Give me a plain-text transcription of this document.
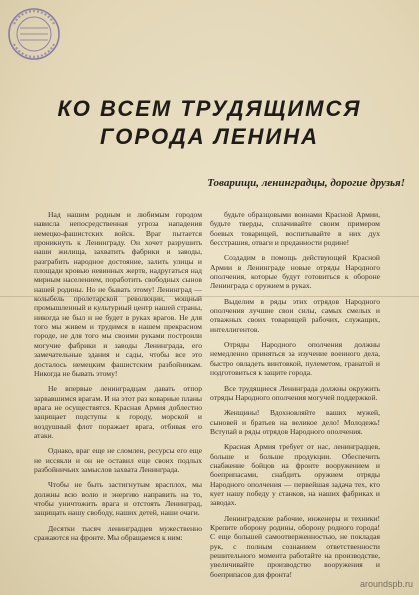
КО ВСЕМ ТРУДЯЩИМСЯ
ГОРОДА ЛЕНИНА
Товарищи, ленинградцы, дорогие друзья!

Над нашим родным и любимым городом нависла непосредственная угроза нападения немецко-фашистских войск. Враг пытается проникнуть к Ленинграду. Он хочет разрушить наши жилища, захватить фабрики и заводы, разграбить народное достояние, залить улицы и площади кровью невинных жертв, надругаться над мирным населением, поработить свободных сынов нашей родины. Но не бывать этому! Ленинград — колыбель пролетарской революции, мощный промышленный и культурный центр нашей страны, никогда не был и не будет в руках врагов. Не для того мы живем и трудимся в нашем прекрасном городе, не для того мы своими руками построили могучие фабрики и заводы Ленинграда, его замечательные здания и сады, чтобы все это досталось немецким фашистским разбойникам. Никогда не бывать этому!

Не впервые ленинградцам давать отпор зарвавшимся врагам. И на этот раз коварные планы врага не осуществятся. Красная Армия доблестно защищает подступы к городу, морской и воздушный флот поражает врага, отбивая его атаки.

Однако, враг еще не сломлен, ресурсы его еще не иссякли и он не оставил еще своих подлых разбойничьих замыслов захвата Ленинграда.

Чтобы не быть застигнутым врасплох, мы должны всю волю и энергию направить на то, чтобы уничтожить врага и отстоять Ленинград, защищать нашу свободу, наших детей, наши очаги.

Десятки тысяч ленинградцев мужественно сражаются на фронте. Мы обращаемся к ним:

будьте образцовыми воинами Красной Армии, будьте тверды, сплачивайте своим примером боевых товарищей, воспитывайте в них дух бесстрашия, отваги и преданности родине!

Создадим в помощь действующей Красной Армии в Ленинграде новые отряды Народного ополчения, которые будут готовиться к обороне Ленинграда с оружием в руках.

Выделим в ряды этих отрядов Народного ополчения лучшие свои силы, самых смелых и отважных своих товарищей рабочих, служащих, интеллигентов.

Отряды Народного ополчения должны немедленно приняться за изучение военного дела, быстро овладеть винтовкой, пулеметом, гранатой и подготовиться к защите города.

Все трудящиеся Ленинграда должны окружить отряды Народного ополчения могучей поддержкой.

Женщины! Вдохновляйте ваших мужей, сыновей и братьев на великое дело! Молодежь! Вступай в ряды отрядов Народного ополчения.

Красная Армия требует от нас, ленинградцев, больше и больше продукции. Обеспечить снабжение бойцов на фронте вооружением и боеприпасами, снабдить оружием отряды Народного ополчения — первейшая задача тех, кто кует нашу победу у станков, на наших фабриках и заводах.

Ленинградские рабочие, инженеры и техники! Крепите оборону родины, оборону родного города! С еще большей самоотверженностью, не покладая рук, с полным сознанием ответственности решительного момента работайте на производстве, увеличивайте производство вооружения и боеприпасов для фронта!

aroundspb.ru
